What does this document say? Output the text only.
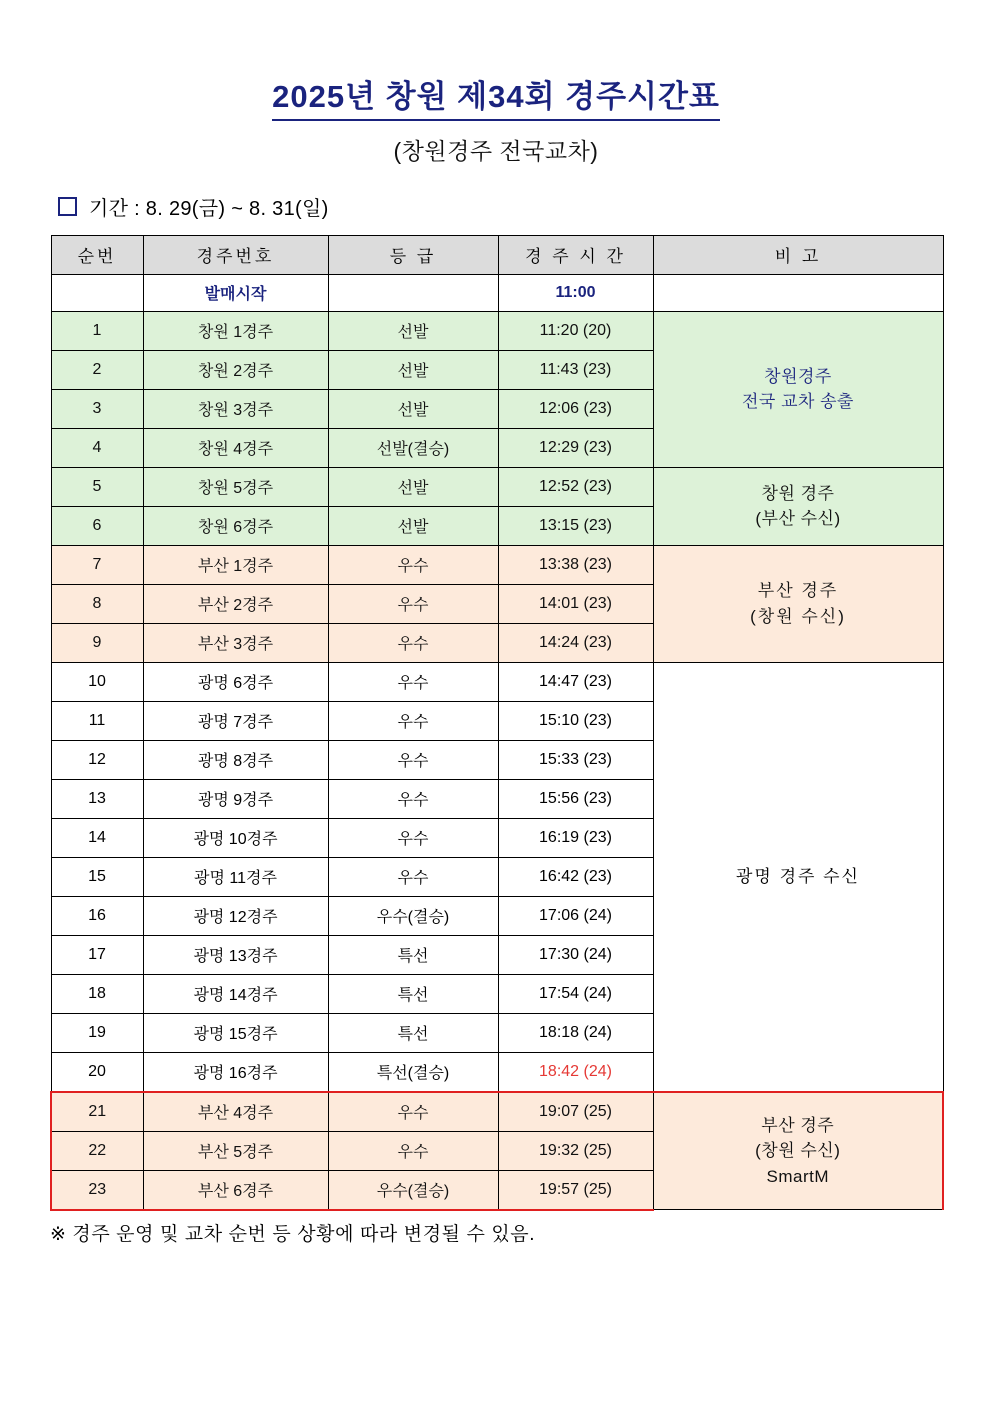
2025년 창원 제34회 경주시간표
(창원경주 전국교차)
기간 : 8. 29(금) ~ 8. 31(일)
순번	경주번호	등 급	경 주 시 간	비 고
	발매시작		11:00	
1	창원 1경주	선발	11:20 (20)	창원경주
전국 교차 송출

2	창원 2경주	선발	11:43 (23)	
3	창원 3경주	선발	12:06 (23)	
4	창원 4경주	선발(결승)	12:29 (23)	
5	창원 5경주	선발	12:52 (23)	창원 경주
(부산 수신)

6	창원 6경주	선발	13:15 (23)	
7	부산 1경주	우수	13:38 (23)	부산 경주
(창원 수신)

8	부산 2경주	우수	14:01 (23)	
9	부산 3경주	우수	14:24 (23)	
10	광명 6경주	우수	14:47 (23)	광명 경주 수신
11	광명 7경주	우수	15:10 (23)	
12	광명 8경주	우수	15:33 (23)	
13	광명 9경주	우수	15:56 (23)	
14	광명 10경주	우수	16:19 (23)	
15	광명 11경주	우수	16:42 (23)	
16	광명 12경주	우수(결승)	17:06 (24)	
17	광명 13경주	특선	17:30 (24)	
18	광명 14경주	특선	17:54 (24)	
19	광명 15경주	특선	18:18 (24)	
20	광명 16경주	특선(결승)	18:42 (24)	
21	부산 4경주	우수	19:07 (25)	부산 경주
(창원 수신)
SmartM

22	부산 5경주	우수	19:32 (25)	
23	부산 6경주	우수(결승)	19:57 (25)	
※ 경주 운영 및 교차 순번 등 상황에 따라 변경될 수 있음.
